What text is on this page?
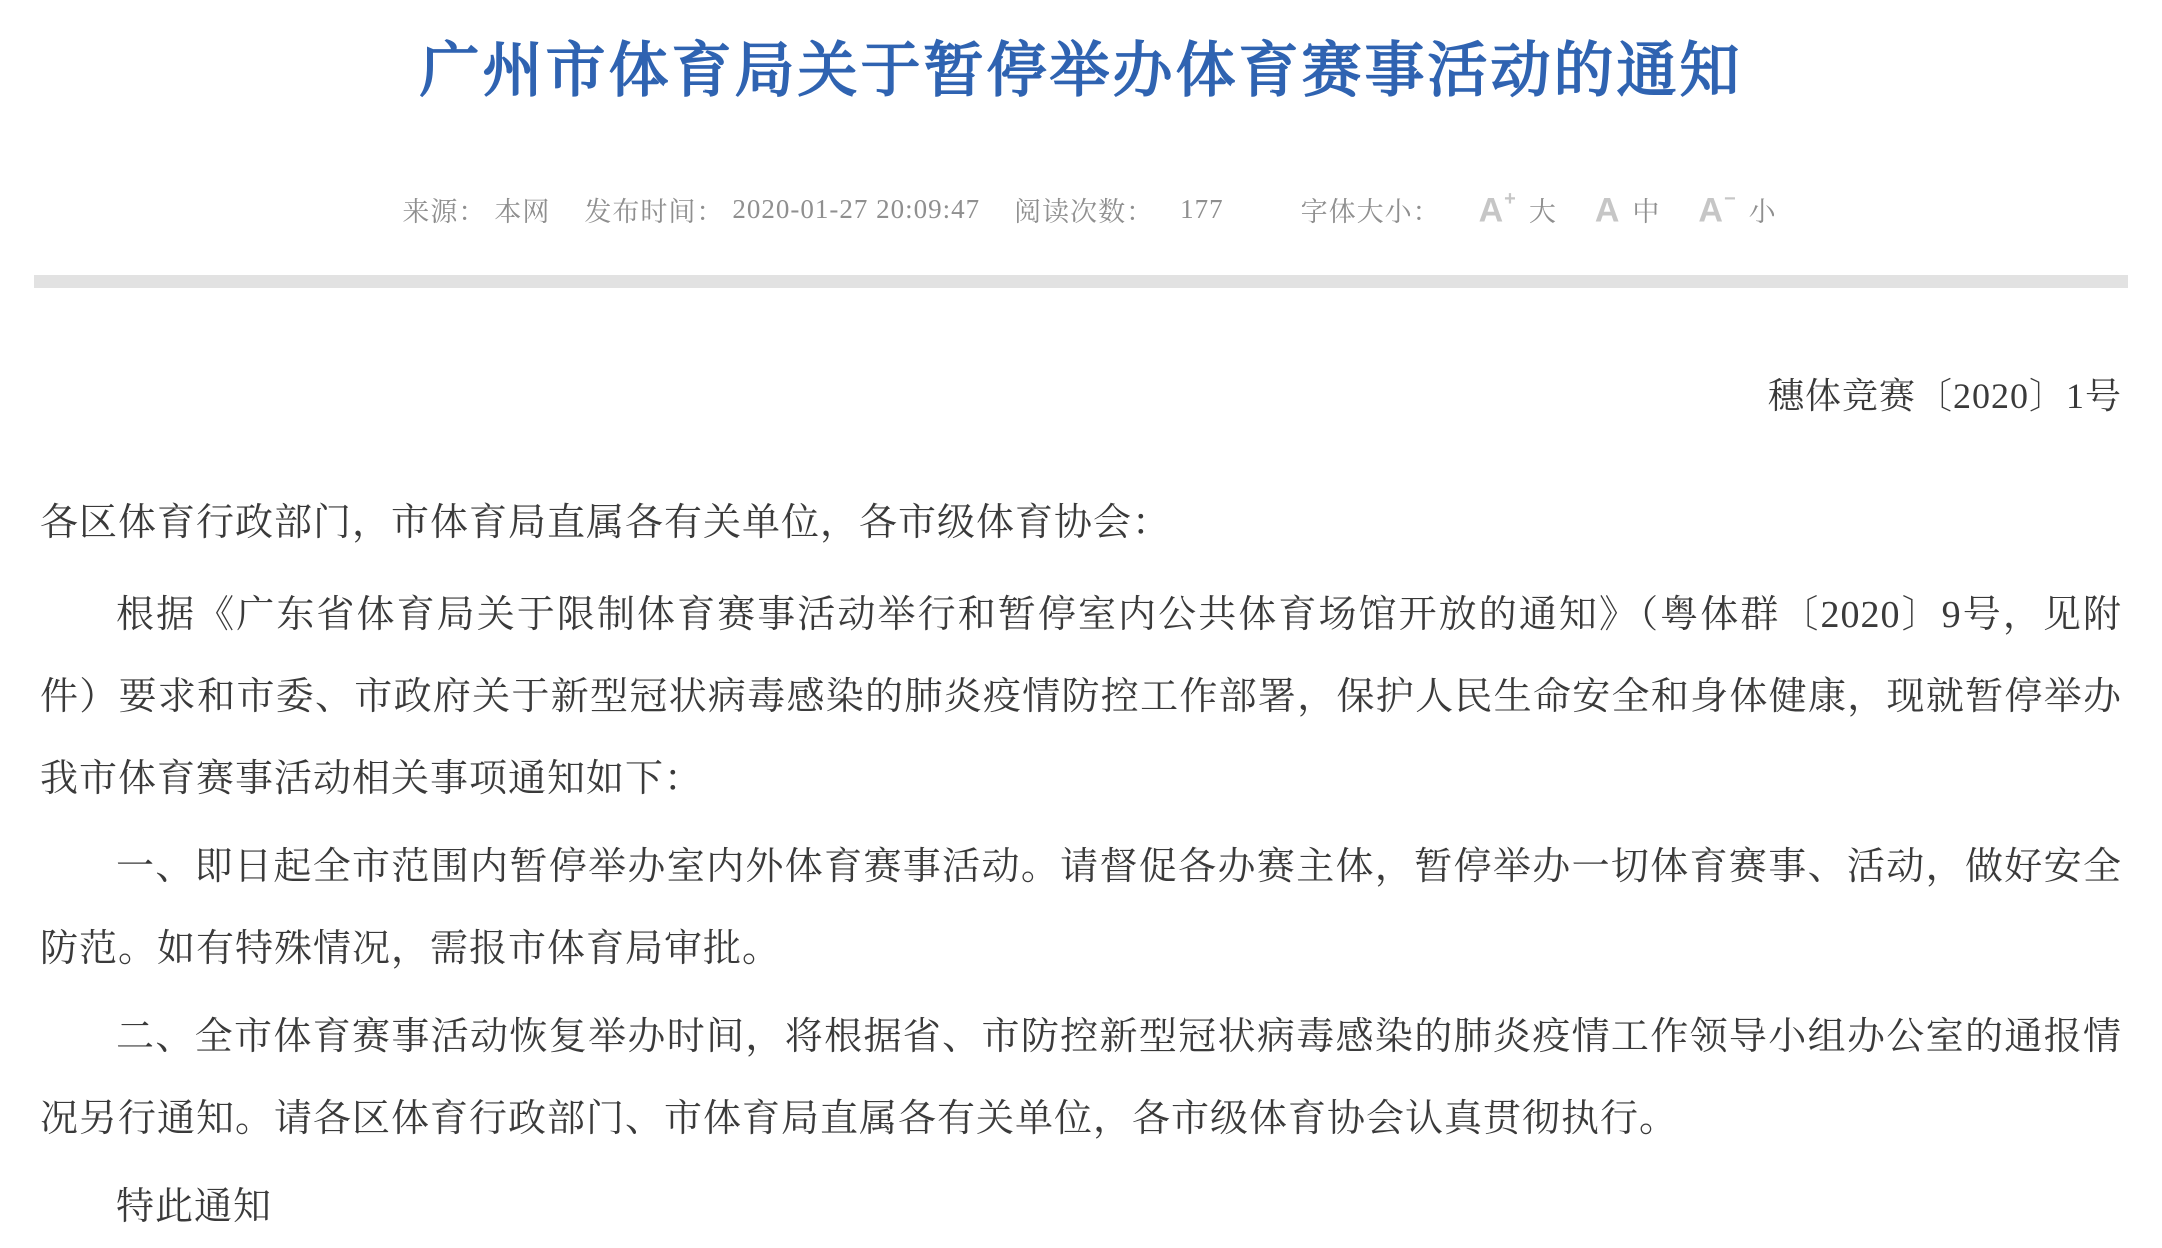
广州市体育局关于暂停举办体育赛事活动的通知
来源： 本网 发布时间： 2020-01-27 20:09:47 阅读次数： 177	字体大小： A+ 大 A 中 A− 小
穗体竞赛〔2020〕1号

各区体育行政部门，市体育局直属各有关单位，各市级体育协会：

根据《广东省体育局关于限制体育赛事活动举行和暂停室内公共体育场馆开放的通知》（粤体群〔2020〕9号，见附件）要求和市委、市政府关于新型冠状病毒感染的肺炎疫情防控工作部署，保护人民生命安全和身体健康，现就暂停举办我市体育赛事活动相关事项通知如下：

一、即日起全市范围内暂停举办室内外体育赛事活动。请督促各办赛主体，暂停举办一切体育赛事、活动，做好安全防范。如有特殊情况，需报市体育局审批。

二、全市体育赛事活动恢复举办时间，将根据省、市防控新型冠状病毒感染的肺炎疫情工作领导小组办公室的通报情况另行通知。请各区体育行政部门、市体育局直属各有关单位，各市级体育协会认真贯彻执行。

特此通知
